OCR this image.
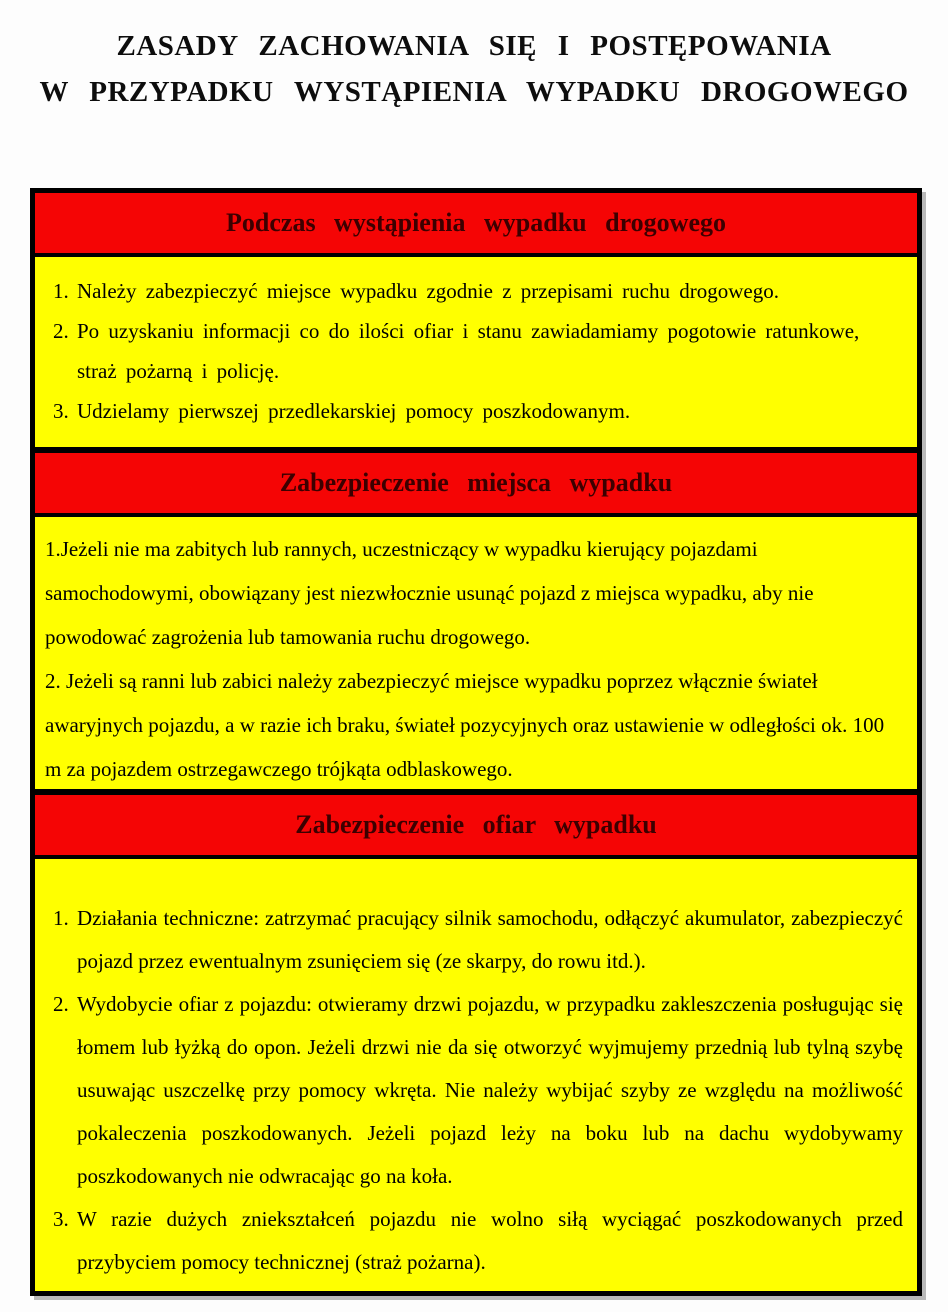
ZASADY ZACHOWANIA SIĘ I POSTĘPOWANIA
W PRZYPADKU WYSTĄPIENIA WYPADKU DROGOWEGO
Podczas wystąpienia wypadku drogowego
1. Należy zabezpieczyć miejsce wypadku zgodnie z przepisami ruchu drogowego.
2. Po uzyskaniu informacji co do ilości ofiar i stanu zawiadamiamy pogotowie ratunkowe, straż pożarną i policję.
3. Udzielamy pierwszej przedlekarskiej pomocy poszkodowanym.
Zabezpieczenie miejsca wypadku

1.Jeżeli nie ma zabitych lub rannych, uczestniczący w wypadku kierujący pojazdami samochodowymi, obowiązany jest niezwłocznie usunąć pojazd z miejsca wypadku, aby nie powodować zagrożenia lub tamowania ruchu drogowego.

2. Jeżeli są ranni lub zabici należy zabezpieczyć miejsce wypadku poprzez włącznie świateł awaryjnych pojazdu, a w razie ich braku, świateł pozycyjnych oraz ustawienie w odległości ok. 100 m za pojazdem ostrzegawczego trójkąta odblaskowego.

Zabezpieczenie ofiar wypadku
1. Działania techniczne: zatrzymać pracujący silnik samochodu, odłączyć akumulator, zabezpieczyć pojazd przez ewentualnym zsunięciem się (ze skarpy, do rowu itd.).
2. Wydobycie ofiar z pojazdu: otwieramy drzwi pojazdu, w przypadku zakleszczenia posługując się łomem lub łyżką do opon. Jeżeli drzwi nie da się otworzyć wyjmujemy przednią lub tylną szybę usuwając uszczelkę przy pomocy wkręta. Nie należy wybijać szyby ze względu na możliwość pokaleczenia poszkodowanych. Jeżeli pojazd leży na boku lub na dachu wydobywamy poszkodowanych nie odwracając go na koła.
3. W razie dużych zniekształceń pojazdu nie wolno siłą wyciągać poszkodowanych przed przybyciem pomocy technicznej (straż pożarna).
